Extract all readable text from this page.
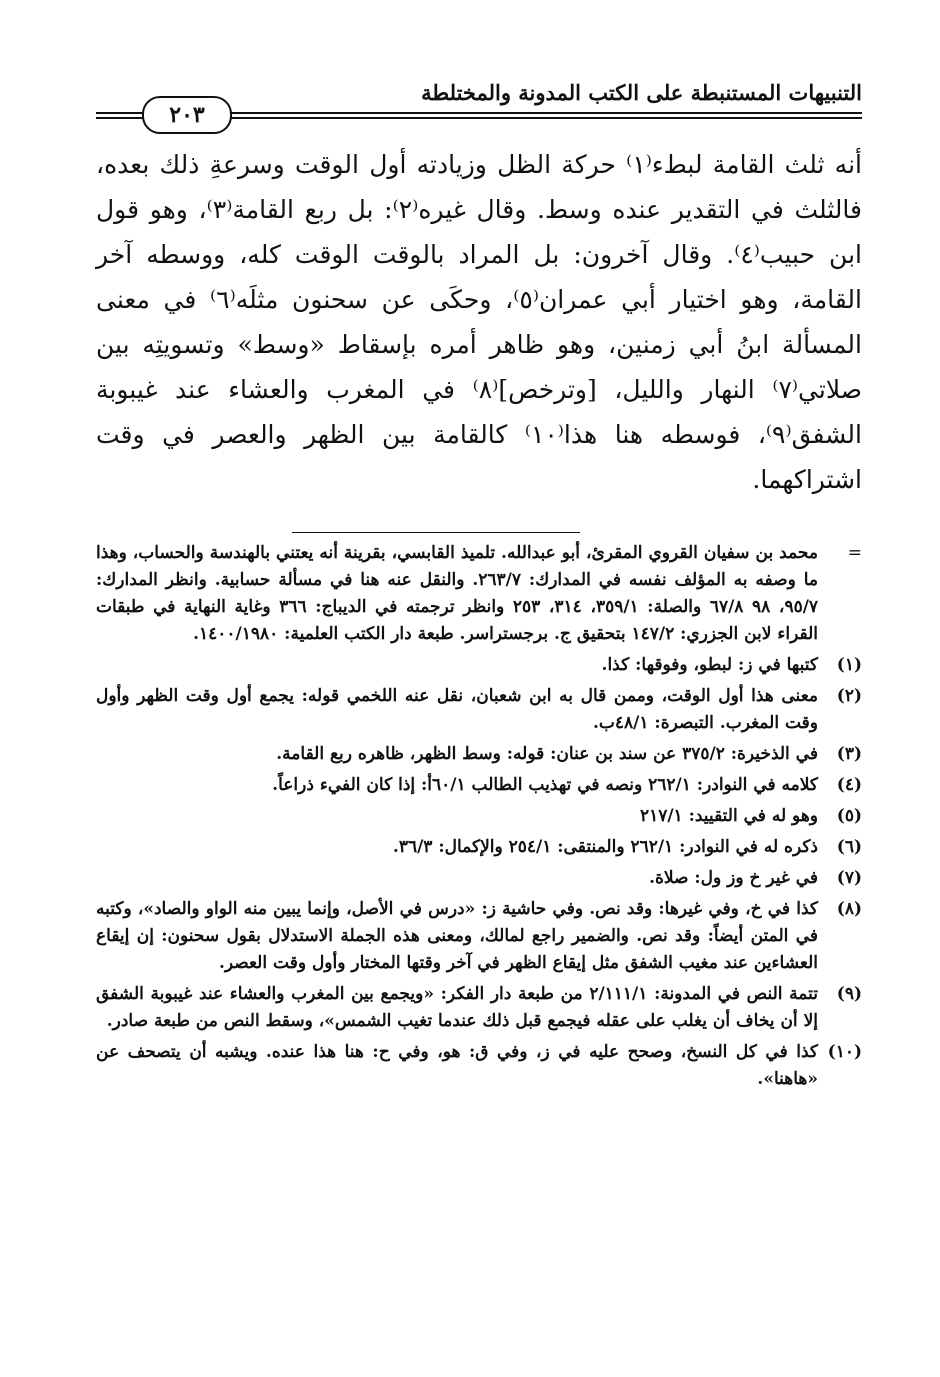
التنبيهات المستنبطة على الكتب المدونة والمختلطة
٢٠٣

أنه ثلث القامة لبطء⁽١⁾ حركة الظل وزيادته أول الوقت وسرعةِ ذلك بعده، فالثلث في التقدير عنده وسط. وقال غيره⁽٢⁾: بل ربع القامة⁽٣⁾، وهو قول ابن حبيب⁽٤⁾. وقال آخرون: بل المراد بالوقت الوقت كله، ووسطه آخر القامة، وهو اختيار أبي عمران⁽٥⁾، وحكَى عن سحنون مثلَه⁽٦⁾ في معنى المسألة ابنُ أبي زمنين، وهو ظاهر أمره بإسقاط «وسط» وتسويتِه بين صلاتي⁽٧⁾ النهار والليل، [وترخص]⁽٨⁾ في المغرب والعشاء عند غيبوبة الشفق⁽٩⁾، فوسطه هنا هذا⁽١٠⁾ كالقامة بين الظهر والعصر في وقت اشتراكهما.

=
محمد بن سفيان القروي المقرئ، أبو عبدالله. تلميذ القابسي، بقرينة أنه يعتني بالهندسة والحساب، وهذا ما وصفه به المؤلف نفسه في المدارك: ٢٦٣/٧. والنقل عنه هنا في مسألة حسابية. وانظر المدارك: ٩٥/٧، ٩٨ ٦٧/٨ والصلة: ٣٥٩/١، ٣١٤، ٢٥٣ وانظر ترجمته في الديباج: ٣٦٦ وغاية النهاية في طبقات القراء لابن الجزري: ١٤٧/٢ بتحقيق ج. برجستراسر. طبعة دار الكتب العلمية: ١٤٠٠/١٩٨٠.
(١)
كتبها في ز: لبطو، وفوقها: كذا.
(٢)
معنى هذا أول الوقت، وممن قال به ابن شعبان، نقل عنه اللخمي قوله: يجمع أول وقت الظهر وأول وقت المغرب. التبصرة: ٤٨/١ب.
(٣)
في الذخيرة: ٣٧٥/٢ عن سند بن عنان: قوله: وسط الظهر، ظاهره ربع القامة.
(٤)
كلامه في النوادر: ٢٦٢/١ ونصه في تهذيب الطالب ٦٠/١أ: إذا كان الفيء ذراعاً.
(٥)
وهو له في التقييد: ٢١٧/١
(٦)
ذكره له في النوادر: ٢٦٢/١ والمنتقى: ٢٥٤/١ والإكمال: ٣٦/٣.
(٧)
في غير خ وز ول: صلاة.
(٨)
كذا في خ، وفي غيرها: وقد نص. وفي حاشية ز: «درس في الأصل، وإنما يبين منه الواو والصاد»، وكتبه في المتن أيضاً: وقد نص. والضمير راجع لمالك، ومعنى هذه الجملة الاستدلال بقول سحنون: إن إيقاع العشاءين عند مغيب الشفق مثل إيقاع الظهر في آخر وقتها المختار وأول وقت العصر.
(٩)
تتمة النص في المدونة: ٢/١١١/١ من طبعة دار الفكر: «ويجمع بين المغرب والعشاء عند غيبوبة الشفق إلا أن يخاف أن يغلب على عقله فيجمع قبل ذلك عندما تغيب الشمس»، وسقط النص من طبعة صادر.
(١٠)
كذا في كل النسخ، وصحح عليه في ز، وفي ق: هو، وفي ح: هنا هذا عنده. ويشبه أن يتصحف عن «هاهنا».
